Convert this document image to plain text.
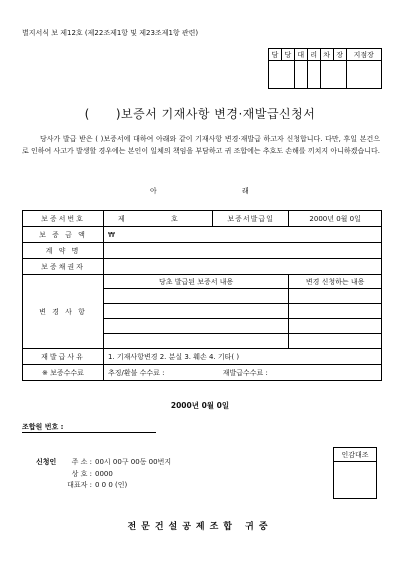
별지서식 보 제12호 (제22조제1항 및 제23조제1항 관련)
담	당	대	리	차	장	지점장

( )보증서 기재사항 변경·재발급신청서
당사가 발급 받은 ( )보증서에 대하여 아래와 같이 기재사항 변경·재발급 하고자 신청합니다. 다만, 후일 본건으로 인하여 사고가 발생할 경우에는 본인이 일체의 책임을 부담하고 귀 조합에는 추호도 손해를 끼치지 아니하겠습니다.
아	래
보증서번호	제 호	보증서발급일	2000년 0월 0일
보 증 금 액	₩		
계 약 명			
보증채권자			
변 경 사 항	당초 발급된 보증서 내용		변경 신청하는 내용

재발급사유	1. 기재사항변경 2. 분실 3. 훼손 4. 기타( )		
※ 보증수수료	추징/환불 수수료 : 재발급수수료 :		
2000년 0월 0일
조합원 번호 :
인감대조

신청인	주 소 : 00시 00구 00동 00번지
상 호 : 0000
대표자 : 0 0 0 (인)
전문건설공제조합 귀중
